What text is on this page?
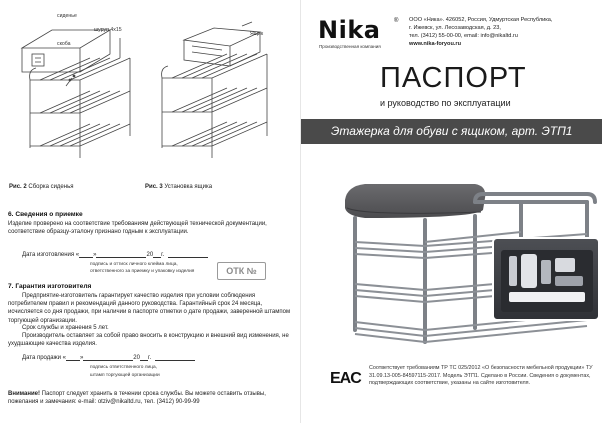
сиденье
скоба
шуруп 4х15
Ящик
Рис. 2 Сборка сиденья	Рис. 3 Установка ящика
6. Сведения о приемке
Изделие проверено на соответствие требованиям действующей технической документации, соответствие образцу-эталону признано годным к эксплуатации.
Дата изготовления « »	20 г.
подпись и оттиск личного клейма лица,
ответственного за приемку и упаковку изделия	ОТК №
7. Гарантия изготовителя
Предприятие-изготовитель гарантирует качество изделия при условии соблюдения потребителем правил и рекомендаций данного руководства. Гарантийный срок 24 месяца, исчисляется со дня продажи, при наличии в паспорте отметки о дате продажи, заверенной штампом торгующей организации.
Срок службы и хранения 5 лет.
Производитель оставляет за собой право вносить в конструкцию и внешний вид изменения, не ухудшающие качества изделия.
Дата продажи « »	20 г.
подпись ответственного лица,
штамп торгующей организации
Внимание! Паспорт следует хранить в течении срока службы. Вы можете оставить отзывы, пожелания и замечания: e-mail: otziv@nikaltd.ru, тел. (3412) 90-99-99
Nika ®
Производственная компания
ООО «Ника». 426052, Россия, Удмуртская Республика,
г. Ижевск, ул. Лесозаводская, д. 23,
тел. (3412) 55-00-00, email: info@nikaltd.ru
www.nika-foryou.ru
ПАСПОРТ
и руководство по эксплуатации
Этажерка для обуви с ящиком, арт. ЭТП1
EAC
Соответствует требованиям ТР ТС 025/2012 «О безопасности мебельной продукции» ТУ 31.09.13-005-84597115-2017. Модель ЭТП1. Сделано в России. Сведения о документах, подтверждающих соответствие, указаны на сайте изготовителя.
